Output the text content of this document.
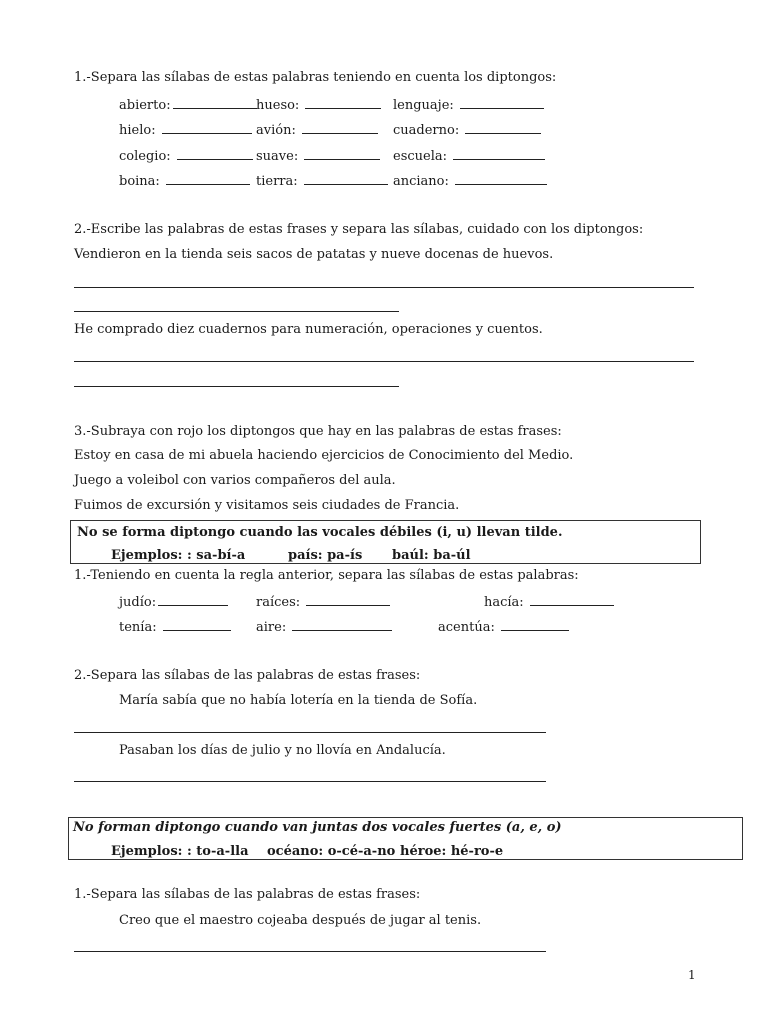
1.-Separa las sílabas de estas palabras teniendo en cuenta los diptongos:
abierto:	hueso:	lenguaje:
hielo:	avión:	cuaderno:
colegio:	suave:	escuela:
boina:	tierra:	anciano:
2.-Escribe las palabras de estas frases y separa las sílabas, cuidado con los diptongos:
Vendieron en la tienda seis sacos de patatas y nueve docenas de huevos.
He comprado diez cuadernos para numeración, operaciones y cuentos.
3.-Subraya con rojo los diptongos que hay en las palabras de estas frases:
Estoy en casa de mi abuela haciendo ejercicios de Conocimiento del Medio.
Juego a voleibol con varios compañeros del aula.
Fuimos de excursión y visitamos seis ciudades de Francia.
No se forma diptongo cuando las vocales débiles (i, u) llevan tilde.
Ejemplos: : sa-bí-a	país: pa-ís baúl: ba-úl
1.-Teniendo en cuenta la regla anterior, separa las sílabas de estas palabras:
judío:	raíces:	hacía:
tenía:	aire:	acentúa:
2.-Separa las sílabas de las palabras de estas frases:
María sabía que no había lotería en la tienda de Sofía.
Pasaban los días de julio y no llovía en Andalucía.
No forman diptongo cuando van juntas dos vocales fuertes (a, e, o)
Ejemplos: : to-a-lla océano: o-cé-a-no héroe: hé-ro-e
1.-Separa las sílabas de las palabras de estas frases:
Creo que el maestro cojeaba después de jugar al tenis.
1
